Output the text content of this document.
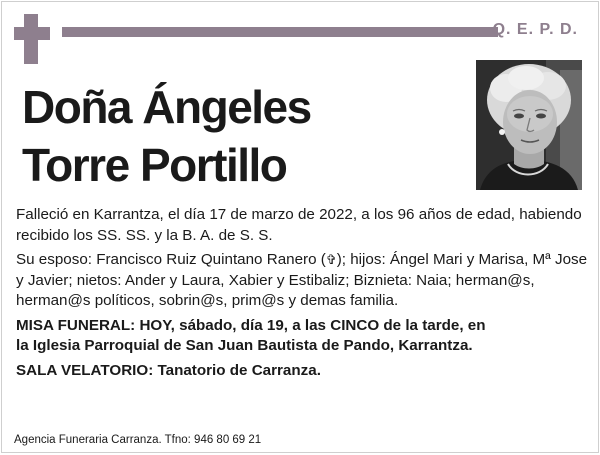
Q. E. P. D.
Doña Ángeles
Torre Portillo

Falleció en Karrantza, el día 17 de marzo de 2022, a los 96 años de edad, habiendo recibido los SS. SS. y la B. A. de S. S.

Su esposo: Francisco Ruiz Quintano Ranero (✞); hijos: Ángel Mari y Marisa, Mª Jose y Javier; nietos: Ander y Laura, Xabier y Estibaliz; Biznieta: Naia; herman@s, herman@s políticos, sobrin@s, prim@s y demas familia.

MISA FUNERAL: HOY, sábado, día 19, a las CINCO de la tarde, en
la Iglesia Parroquial de San Juan Bautista de Pando, Karrantza.

SALA VELATORIO: Tanatorio de Carranza.

Agencia Funeraria Carranza. Tfno: 946 80 69 21
